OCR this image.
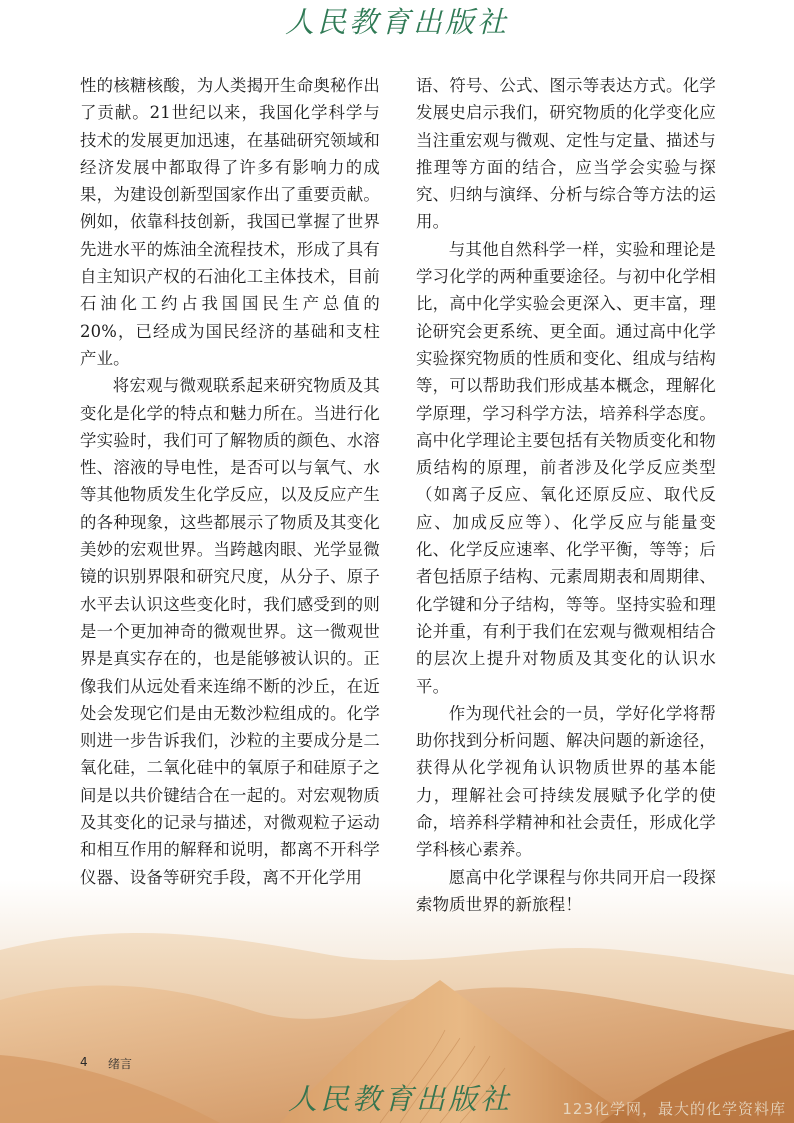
人民教育出版社

性的核糖核酸，为人类揭开生命奥秘作出了贡献。21世纪以来，我国化学科学与技术的发展更加迅速，在基础研究领域和经济发展中都取得了许多有影响力的成果，为建设创新型国家作出了重要贡献。例如，依靠科技创新，我国已掌握了世界先进水平的炼油全流程技术，形成了具有自主知识产权的石油化工主体技术，目前石油化工约占我国国民生产总值的20%，已经成为国民经济的基础和支柱产业。

将宏观与微观联系起来研究物质及其变化是化学的特点和魅力所在。当进行化学实验时，我们可了解物质的颜色、水溶性、溶液的导电性，是否可以与氧气、水等其他物质发生化学反应，以及反应产生的各种现象，这些都展示了物质及其变化美妙的宏观世界。当跨越肉眼、光学显微镜的识别界限和研究尺度，从分子、原子水平去认识这些变化时，我们感受到的则是一个更加神奇的微观世界。这一微观世界是真实存在的，也是能够被认识的。正像我们从远处看来连绵不断的沙丘，在近处会发现它们是由无数沙粒组成的。化学则进一步告诉我们，沙粒的主要成分是二氧化硅，二氧化硅中的氧原子和硅原子之间是以共价键结合在一起的。对宏观物质及其变化的记录与描述，对微观粒子运动和相互作用的解释和说明，都离不开科学仪器、设备等研究手段，离不开化学用

语、符号、公式、图示等表达方式。化学发展史启示我们，研究物质的化学变化应当注重宏观与微观、定性与定量、描述与推理等方面的结合，应当学会实验与探究、归纳与演绎、分析与综合等方法的运用。

与其他自然科学一样，实验和理论是学习化学的两种重要途径。与初中化学相比，高中化学实验会更深入、更丰富，理论研究会更系统、更全面。通过高中化学实验探究物质的性质和变化、组成与结构等，可以帮助我们形成基本概念，理解化学原理，学习科学方法，培养科学态度。高中化学理论主要包括有关物质变化和物质结构的原理，前者涉及化学反应类型（如离子反应、氧化还原反应、取代反应、加成反应等）、化学反应与能量变化、化学反应速率、化学平衡，等等；后者包括原子结构、元素周期表和周期律、化学键和分子结构，等等。坚持实验和理论并重，有利于我们在宏观与微观相结合的层次上提升对物质及其变化的认识水平。

作为现代社会的一员，学好化学将帮助你找到分析问题、解决问题的新途径，获得从化学视角认识物质世界的基本能力，理解社会可持续发展赋予化学的使命，培养科学精神和社会责任，形成化学学科核心素养。

愿高中化学课程与你共同开启一段探索物质世界的新旅程！

4 绪言
人民教育出版社	123化学网，最大的化学资料库
